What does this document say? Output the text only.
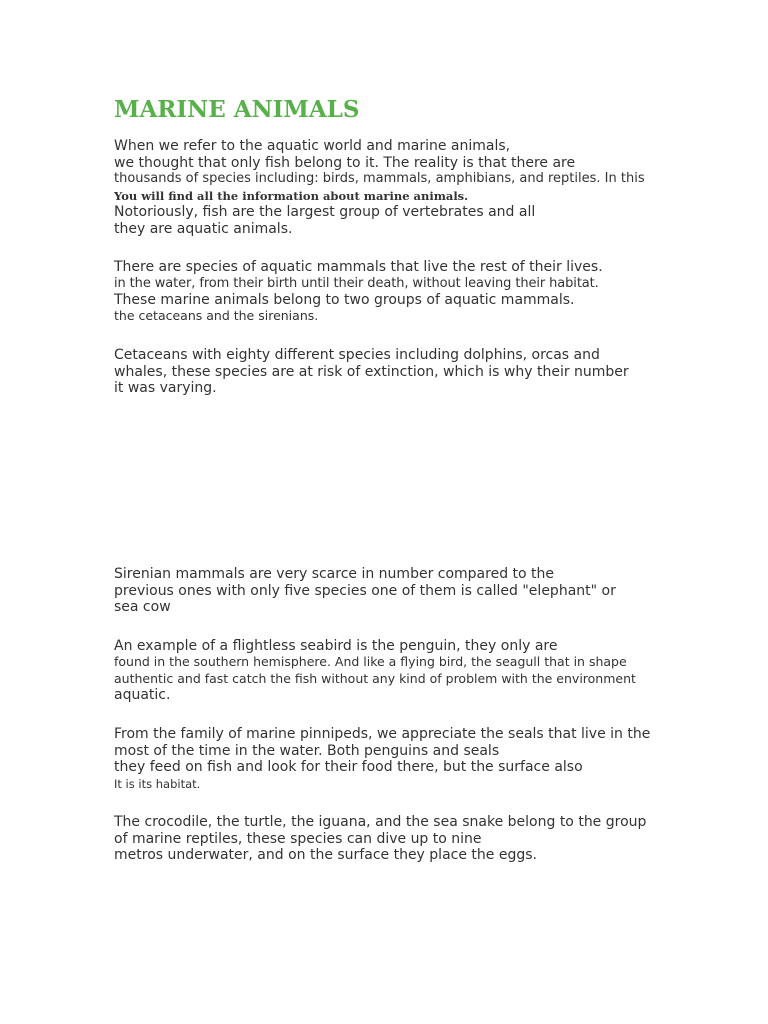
MARINE ANIMALS
When we refer to the aquatic world and marine animals,
we thought that only fish belong to it. The reality is that there are
thousands of species including: birds, mammals, amphibians, and reptiles. In this
You will find all the information about marine animals.
Notoriously, fish are the largest group of vertebrates and all
they are aquatic animals.
There are species of aquatic mammals that live the rest of their lives.
in the water, from their birth until their death, without leaving their habitat.
These marine animals belong to two groups of aquatic mammals.
the cetaceans and the sirenians.
Cetaceans with eighty different species including dolphins, orcas and
whales, these species are at risk of extinction, which is why their number
it was varying.
Sirenian mammals are very scarce in number compared to the
previous ones with only five species one of them is called "elephant" or
sea cow
An example of a flightless seabird is the penguin, they only are
found in the southern hemisphere. And like a flying bird, the seagull that in shape
authentic and fast catch the fish without any kind of problem with the environment
aquatic.
From the family of marine pinnipeds, we appreciate the seals that live in the
most of the time in the water. Both penguins and seals
they feed on fish and look for their food there, but the surface also
It is its habitat.
The crocodile, the turtle, the iguana, and the sea snake belong to the group
of marine reptiles, these species can dive up to nine
metros underwater, and on the surface they place the eggs.
